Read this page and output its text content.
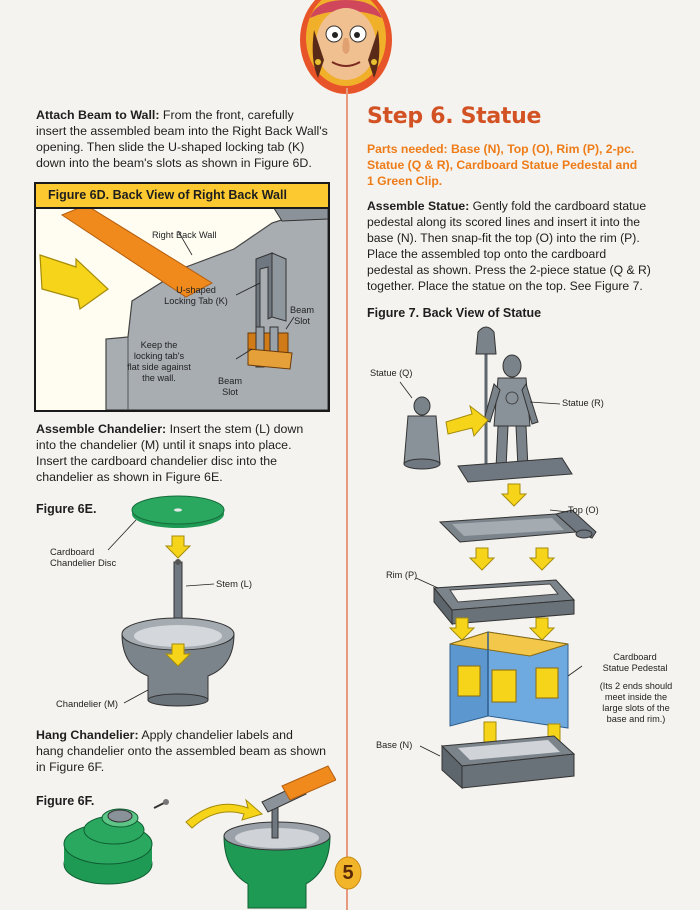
Attach Beam to Wall: From the front, carefully
insert the assembled beam into the Right Back Wall's
opening. Then slide the U-shaped locking tab (K)
down into the beam's slots as shown in Figure 6D.

Figure 6D. Back View of Right Back Wall

Right Back Wall

U-shaped
Locking Tab (K)

Beam
Slot

Keep the
locking tab's
flat side against
the wall.	Beam
Slot

Assemble Chandelier: Insert the stem (L) down
into the chandelier (M) until it snaps into place.
Insert the cardboard chandelier disc into the
chandelier as shown in Figure 6E.

Figure 6E.

Cardboard
Chandelier Disc

Stem (L)

Chandelier (M)

Hang Chandelier: Apply chandelier labels and
hang chandelier onto the assembled beam as shown
in Figure 6F.

Figure 6F.

5
Step 6. Statue

Parts needed: Base (N), Top (O), Rim (P), 2-pc.
Statue (Q & R), Cardboard Statue Pedestal and
1 Green Clip.

Assemble Statue: Gently fold the cardboard statue
pedestal along its scored lines and insert it into the
base (N). Then snap-fit the top (O) into the rim (P).
Place the assembled top onto the cardboard
pedestal as shown. Press the 2-piece statue (Q & R)
together. Place the statue on the top. See Figure 7.

Figure 7. Back View of Statue

Statue (Q)

Statue (R)

Top (O)

Rim (P)

Cardboard
Statue Pedestal

(Its 2 ends should
meet inside the
large slots of the
base and rim.)

Base (N)
